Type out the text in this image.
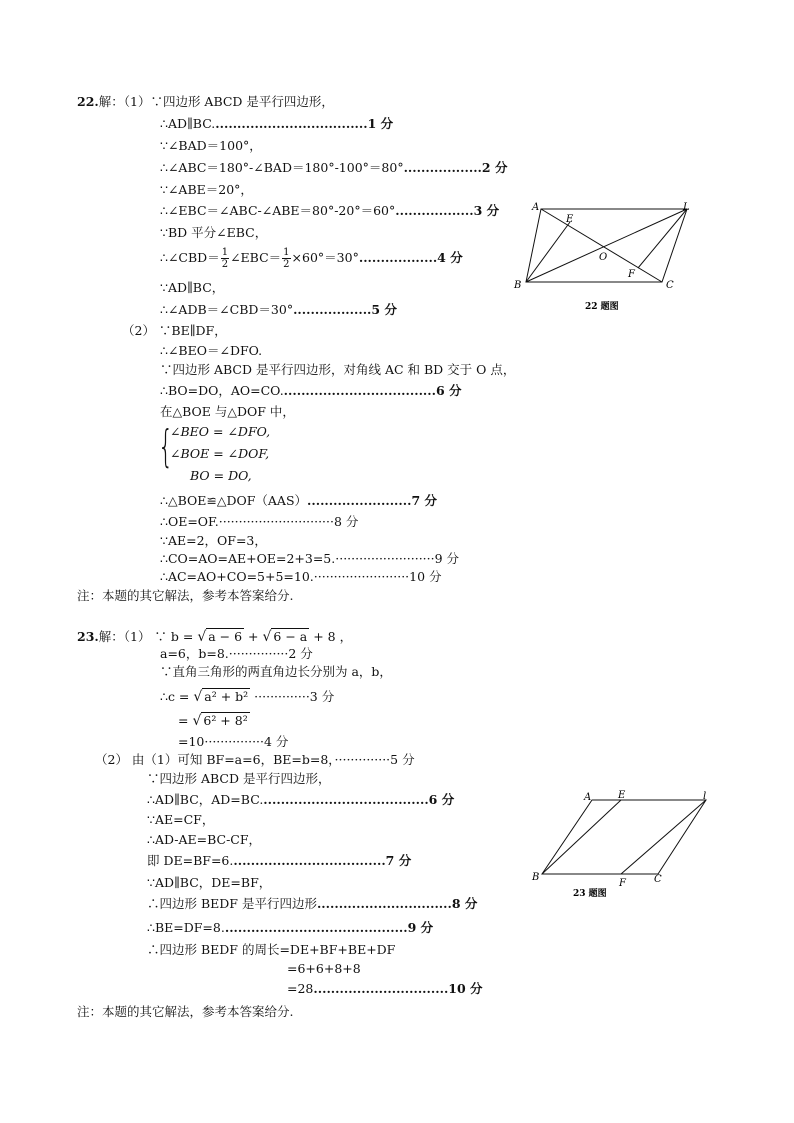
22.解：（1）∵四边形 ABCD 是平行四边形，
∴AD∥BC....................................1 分
∵∠BAD＝100°，
∴∠ABC＝180°-∠BAD＝180°-100°＝80°..................2 分
∵∠ABE＝20°，
∴∠EBC＝∠ABC-∠ABE＝80°-20°＝60°..................3 分
∵BD 平分∠EBC，
∴∠CBD＝ $\frac{1}{2}$ ∠EBC＝ $\frac{1}{2} \times 60^\circ=30^\circ..................4$ 分
∵AD∥BC，
∴∠ADB＝∠CBD＝30°..................5 分
（2） ∵BE∥DF，
∴∠BEO＝∠DFO.
∵四边形 ABCD 是平行四边形，对角线 AC 和 BD 交于 O 点，
∴BO=DO，AO=CO....................................6 分
在△BOE 与△DOF 中，
{
∠BEO = ∠DFO,
∠BOE = ∠DOF,
BO = DO,
∴△BOE≌△DOF（AAS）........................7 分
∴OE=OF.·····························8 分
∵AE=2，OF=3，
∴CO=AO=AE+OE=2+3=5.·························9 分
∴AC=AO+CO=5+5=10.························10 分
注：本题的其它解法，参考本答案给分.
A
E
L
O
F
B	C
22 题图
23.解：（1） ∵ b = √ a − 6 + √ 6 − a + 8 ，
a=6，b=8.···············2 分
∵直角三角形的两直角边长分别为 a，b，
∴c = √ a² + b² ··············3 分
= √ 6² + 8²
=10···············4 分
（2） 由（1）可知 BF=a=6，BE=b=8，··············5 分
∵四边形 ABCD 是平行四边形，
∴AD∥BC，AD=BC.......................................6 分
∵AE=CF，
∴AD-AE=BC-CF，
即 DE=BF=6....................................7 分
∵AD∥BC，DE=BF，
∴四边形 BEDF 是平行四边形...............................8 分
∴BE=DF=8...........................................9 分
∴四边形 BEDF 的周长=DE+BF+BE+DF
=6+6+8+8
=28...............................10 分
注：本题的其它解法，参考本答案给分.
A	E	l
B
F	C
23 题图
